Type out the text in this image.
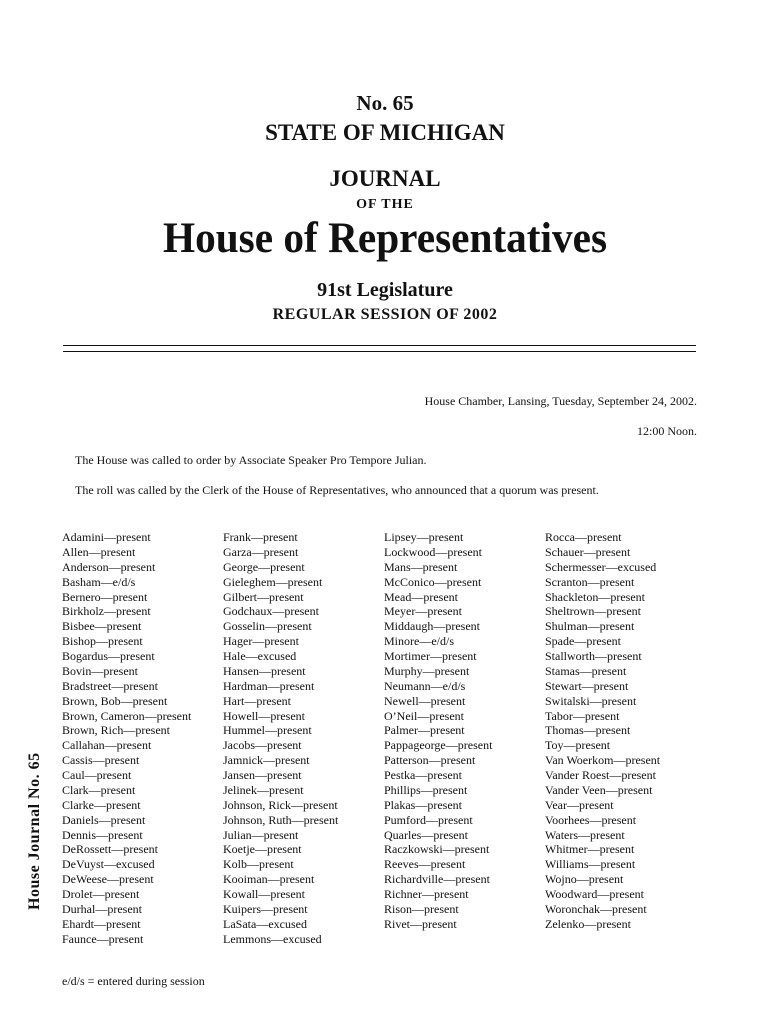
No. 65
STATE OF MICHIGAN
JOURNAL
OF THE
House of Representatives
91st Legislature
REGULAR SESSION OF 2002
House Journal No. 65
House Chamber, Lansing, Tuesday, September 24, 2002.
12:00 Noon.
The House was called to order by Associate Speaker Pro Tempore Julian.
The roll was called by the Clerk of the House of Representatives, who announced that a quorum was present.
Adamini—present
Allen—present
Anderson—present
Basham—e/d/s
Bernero—present
Birkholz—present
Bisbee—present
Bishop—present
Bogardus—present
Bovin—present
Bradstreet—present
Brown, Bob—present
Brown, Cameron—present
Brown, Rich—present
Callahan—present
Cassis—present
Caul—present
Clark—present
Clarke—present
Daniels—present
Dennis—present
DeRossett—present
DeVuyst—excused
DeWeese—present
Drolet—present
Durhal—present
Ehardt—present
Faunce—present
Frank—present
Garza—present
George—present
Gieleghem—present
Gilbert—present
Godchaux—present
Gosselin—present
Hager—present
Hale—excused
Hansen—present
Hardman—present
Hart—present
Howell—present
Hummel—present
Jacobs—present
Jamnick—present
Jansen—present
Jelinek—present
Johnson, Rick—present
Johnson, Ruth—present
Julian—present
Koetje—present
Kolb—present
Kooiman—present
Kowall—present
Kuipers—present
LaSata—excused
Lemmons—excused
Lipsey—present
Lockwood—present
Mans—present
McConico—present
Mead—present
Meyer—present
Middaugh—present
Minore—e/d/s
Mortimer—present
Murphy—present
Neumann—e/d/s
Newell—present
O’Neil—present
Palmer—present
Pappageorge—present
Patterson—present
Pestka—present
Phillips—present
Plakas—present
Pumford—present
Quarles—present
Raczkowski—present
Reeves—present
Richardville—present
Richner—present
Rison—present
Rivet—present
Rocca—present
Schauer—present
Schermesser—excused
Scranton—present
Shackleton—present
Sheltrown—present
Shulman—present
Spade—present
Stallworth—present
Stamas—present
Stewart—present
Switalski—present
Tabor—present
Thomas—present
Toy—present
Van Woerkom—present
Vander Roest—present
Vander Veen—present
Vear—present
Voorhees—present
Waters—present
Whitmer—present
Williams—present
Wojno—present
Woodward—present
Woronchak—present
Zelenko—present
e/d/s = entered during session
